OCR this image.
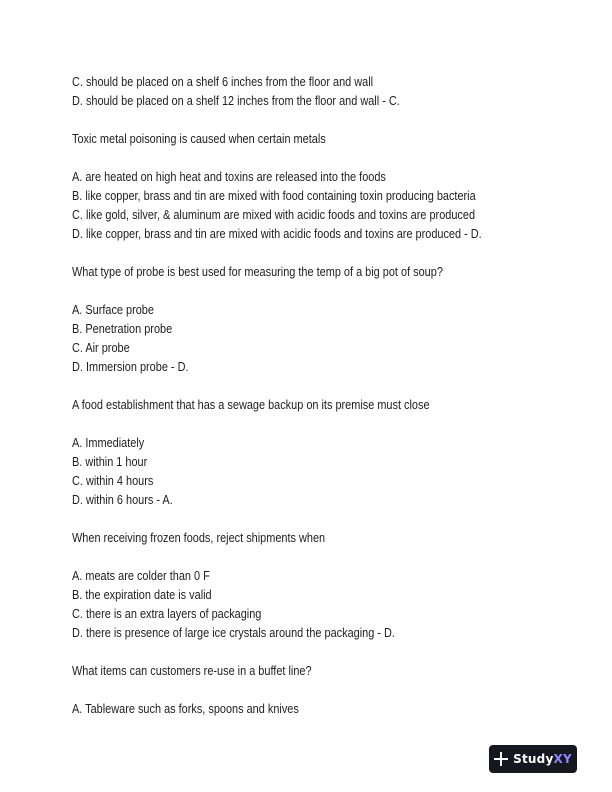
C. should be placed on a shelf 6 inches from the floor and wall
D. should be placed on a shelf 12 inches from the floor and wall - C.
Toxic metal poisoning is caused when certain metals
A. are heated on high heat and toxins are released into the foods
B. like copper, brass and tin are mixed with food containing toxin producing bacteria
C. like gold, silver, & aluminum are mixed with acidic foods and toxins are produced
D. like copper, brass and tin are mixed with acidic foods and toxins are produced - D.
What type of probe is best used for measuring the temp of a big pot of soup?
A. Surface probe
B. Penetration probe
C. Air probe
D. Immersion probe - D.
A food establishment that has a sewage backup on its premise must close
A. Immediately
B. within 1 hour
C. within 4 hours
D. within 6 hours - A.
When receiving frozen foods, reject shipments when
A. meats are colder than 0 F
B. the expiration date is valid
C. there is an extra layers of packaging
D. there is presence of large ice crystals around the packaging - D.
What items can customers re-use in a buffet line?
A. Tableware such as forks, spoons and knives
StudyXY
